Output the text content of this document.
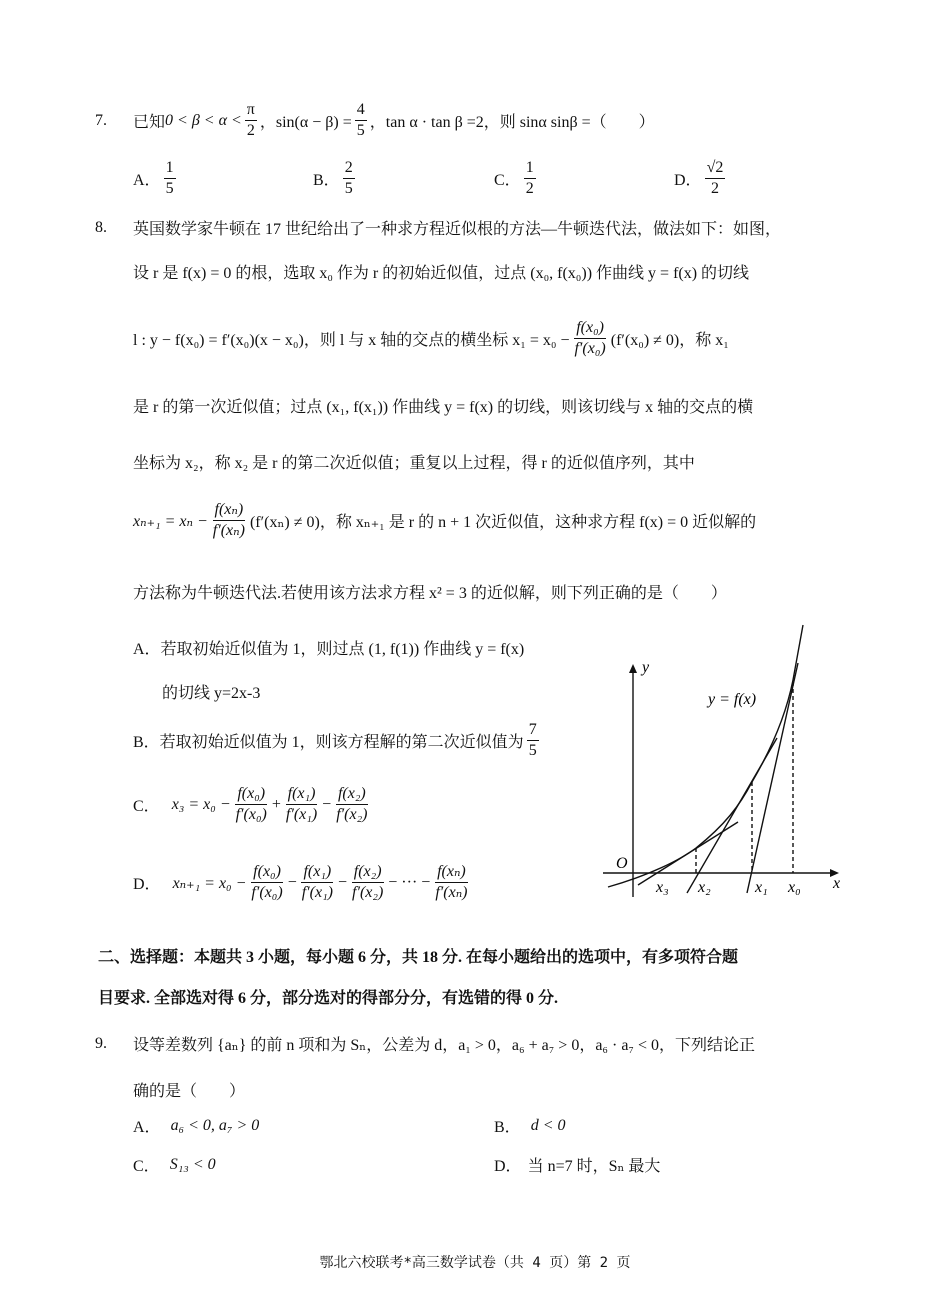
7.	已知 $0 < \beta < \alpha < \frac{\pi}{2}$ ，$\sin(\alpha - \beta) = \frac{4}{5}$ ，tan α · tan β =2，则 sinα sinβ =（　　）
A． $\frac{1}{5}$	B． $\frac{2}{5}$	C． $\frac{1}{2}$	D． $\frac{√2}{2}$
8.	英国数学家牛顿在 17 世纪给出了一种求方程近似根的方法—牛顿迭代法，做法如下：如图，
设 r 是 f(x) = 0 的根，选取 x₀ 作为 r 的初始近似值，过点 (x₀, f(x₀)) 作曲线 y = f(x) 的切线
l : y − f(x₀) = f′(x₀)(x − x₀)，则 l 与 x 轴的交点的横坐标 $x_1 = x_0 - \frac{\text{f(x₀)}}{\text{f′(x₀)}} (f'(x_0) \ne 0)$，称 x₁
是 r 的第一次近似值；过点 (x₁, f(x₁)) 作曲线 y = f(x) 的切线，则该切线与 x 轴的交点的横
坐标为 x₂，称 x₂ 是 r 的第二次近似值；重复以上过程，得 r 的近似值序列，其中
$x_{n+1} = x_n - \frac{\text{f(xₙ)}}{\text{f′(xₙ)}} (f'(x_n) \ne 0)$，称 xₙ₊₁ 是 r 的 n + 1 次近似值，这种求方程 f(x) = 0 近似解的
方法称为牛顿迭代法.若使用该方法求方程 x² = 3 的近似解，则下列正确的是（　　）
A．若取初始近似值为 1，则过点 (1, f(1)) 作曲线 y = f(x)
的切线 y=2x-3
B．若取初始近似值为 1，则该方程解的第二次近似值为 $\frac{7}{5}$
C． $x_3 = x_0 - \frac{\text{f(x₀)}}{\text{f′(x₀)}} + \frac{\text{f(x₁)}}{\text{f′(x₁)}} - \frac{\text{f(x₂)}}{\text{f′(x₂)}}$
D． $x_{n+1} = x_0 - \frac{\text{f(x₀)}}{\text{f′(x₀)}} - \frac{\text{f(x₁)}}{\text{f′(x₁)}} - \frac{\text{f(x₂)}}{\text{f′(x₂)}}$ − ··· − $\frac{\text{f(xₙ)}}{\text{f′(xₙ)}}$
y
O
x
y = f(x)
x₃ x₂	x₁ x₀
二、选择题：本题共 3 小题，每小题 6 分，共 18 分. 在每小题给出的选项中，有多项符合题
目要求. 全部选对得 6 分，部分选对的得部分分，有选错的得 0 分.
9.	设等差数列 {aₙ} 的前 n 项和为 Sₙ，公差为 d，a₁ > 0，a₆ + a₇ > 0，a₆ · a₇ < 0，下列结论正
确的是（　　）
A． a₆ < 0, a₇ > 0	B． d < 0
C． S₁₃ < 0	D． 当 n=7 时，Sₙ 最大
鄂北六校联考*高三数学试卷（共 4 页）第 2 页
